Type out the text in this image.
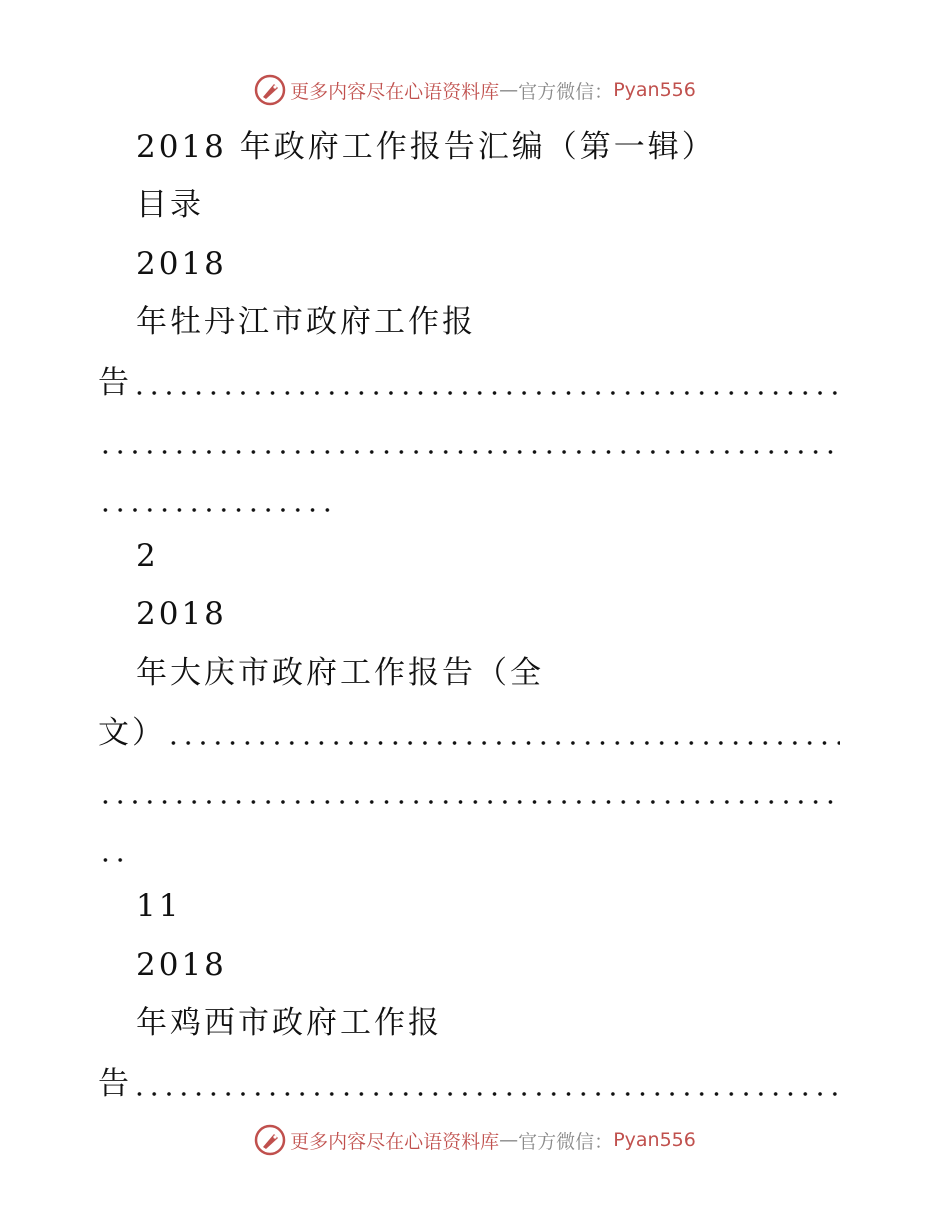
更多内容尽在心语资料库 — 官方微信： Pyan556
2018 年政府工作报告汇编（第一辑）
目录
2018
年牡丹江市政府工作报
告
2
2018
年大庆市政府工作报告（全
文）
11
2018
年鸡西市政府工作报
告
更多内容尽在心语资料库 — 官方微信： Pyan556
